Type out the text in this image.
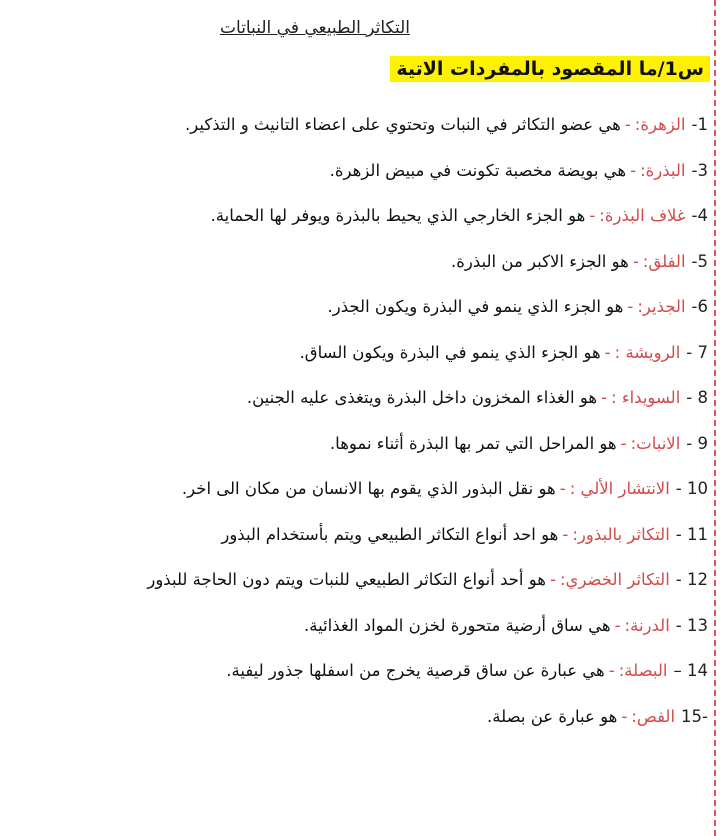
التكاثر الطبيعي في النباتات
س1/ما المقصود بالمفردات الاتية
1-الزهرة:-هي عضو التكاثر في النبات وتحتوي على اعضاء التانيث و التذكير.
3-البذرة:-هي بويضة مخصبة تكونت في مبيض الزهرة.
4-غلاف البذرة:-هو الجزء الخارجي الذي يحيط بالبذرة ويوفر لها الحماية.
5-الفلق:-هو الجزء الاكبر من البذرة.
6-الجذير:-هو الجزء الذي ينمو في البذرة ويكون الجذر.
7 -الرويشة :-هو الجزء الذي ينمو في البذرة ويكون الساق.
8 -السويداء :-هو الغذاء المخزون داخل البذرة ويتغذى عليه الجنين.
9 -الانبات:-هو المراحل التي تمر بها البذرة أثناء نموها.
10 -الانتشار الألي :-هو نقل البذور الذي يقوم بها الانسان من مكان الى اخر.
11 -التكاثر بالبذور:-هو احد أنواع التكاثر الطبيعي ويتم بأستخدام البذور
12 -التكاثر الخضري:-هو أحد أنواع التكاثر الطبيعي للنبات ويتم دون الحاجة للبذور
13 -الدرنة:-هي ساق أرضية متحورة لخزن المواد الغذائية.
14 –البصلة:-هي عبارة عن ساق قرصية يخرج من اسفلها جذور ليفية.
-15الفص:-هو عبارة عن بصلة.
